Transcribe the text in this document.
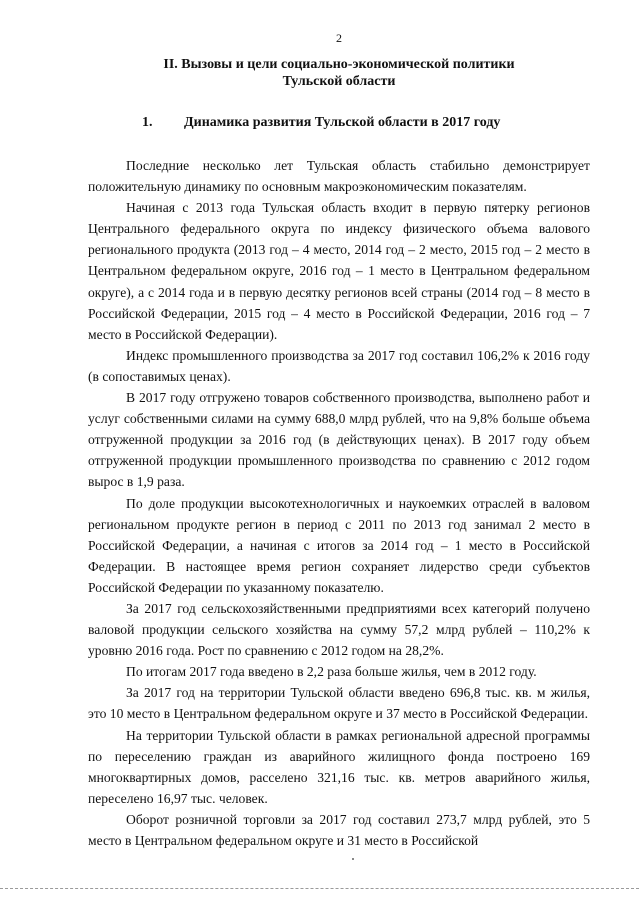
2
II. Вызовы и цели социально-экономической политики
Тульской области
1.	Динамика развития Тульской области в 2017 году

Последние несколько лет Тульская область стабильно демонстрирует положительную динамику по основным макроэкономическим показателям.

Начиная с 2013 года Тульская область входит в первую пятерку регионов Центрального федерального округа по индексу физического объема валового регионального продукта (2013 год – 4 место, 2014 год – 2 место, 2015 год – 2 место в Центральном федеральном округе, 2016 год – 1 место в Центральном федеральном округе), а с 2014 года и в первую десятку регионов всей страны (2014 год – 8 место в Российской Федерации, 2015 год – 4 место в Российской Федерации, 2016 год – 7 место в Российской Федерации).

Индекс промышленного производства за 2017 год составил 106,2% к 2016 году (в сопоставимых ценах).

В 2017 году отгружено товаров собственного производства, выполнено работ и услуг собственными силами на сумму 688,0 млрд рублей, что на 9,8% больше объема отгруженной продукции за 2016 год (в действующих ценах). В 2017 году объем отгруженной продукции промышленного производства по сравнению с 2012 годом вырос в 1,9 раза.

По доле продукции высокотехнологичных и наукоемких отраслей в валовом региональном продукте регион в период с 2011 по 2013 год занимал 2 место в Российской Федерации, а начиная с итогов за 2014 год – 1 место в Российской Федерации. В настоящее время регион сохраняет лидерство среди субъектов Российской Федерации по указанному показателю.

За 2017 год сельскохозяйственными предприятиями всех категорий получено валовой продукции сельского хозяйства на сумму 57,2 млрд рублей – 110,2% к уровню 2016 года. Рост по сравнению с 2012 годом на 28,2%.

По итогам 2017 года введено в 2,2 раза больше жилья, чем в 2012 году.

За 2017 год на территории Тульской области введено 696,8 тыс. кв. м жилья, это 10 место в Центральном федеральном округе и 37 место в Российской Федерации.

На территории Тульской области в рамках региональной адресной программы по переселению граждан из аварийного жилищного фонда построено 169 многоквартирных домов, расселено 321,16 тыс. кв. метров аварийного жилья, переселено 16,97 тыс. человек.

Оборот розничной торговли за 2017 год составил 273,7 млрд рублей, это 5 место в Центральном федеральном округе и 31 место в Российской
